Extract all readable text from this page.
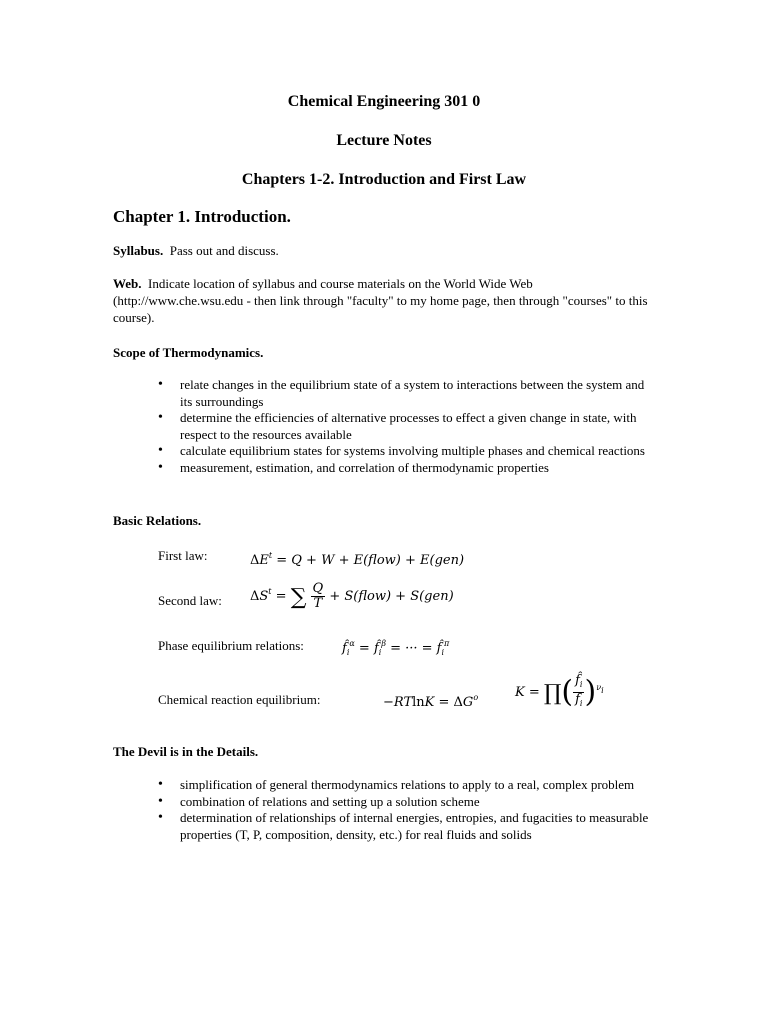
Chemical Engineering 301 0
Lecture Notes
Chapters 1-2. Introduction and First Law
Chapter 1. Introduction.
Syllabus.  Pass out and discuss.
Web.  Indicate location of syllabus and course materials on the World Wide Web (http://www.che.wsu.edu - then link through "faculty" to my home page, then through "courses" to this course).
Scope of Thermodynamics.
• relate changes in the equilibrium state of a system to interactions between the system and its surroundings
• determine the efficiencies of alternative processes to effect a given change in state, with respect to the resources available
• calculate equilibrium states for systems involving multiple phases and chemical reactions
• measurement, estimation, and correlation of thermodynamic properties
Basic Relations.
First law:	$\Delta E^t = Q + W$ + E(flow) + E(gen)
Second law: $\Delta S^t$ = ∑ $\frac{Q}{T}$ + S(flow) + S(gen)
Phase equilibrium relations:	$f̂_i^\alpha$ = $f̂_i^\beta$ = ··· = $f̂_i^\pi$
Chemical reaction equilibrium:	$-RTlnK = \Delta G^o$	K = ∏( $\frac{f̂_i}{f_i} )^{\nu_i}$
The Devil is in the Details.
• simplification of general thermodynamics relations to apply to a real, complex problem
• combination of relations and setting up a solution scheme
• determination of relationships of internal energies, entropies, and fugacities to measurable properties (T, P, composition, density, etc.) for real fluids and solids
